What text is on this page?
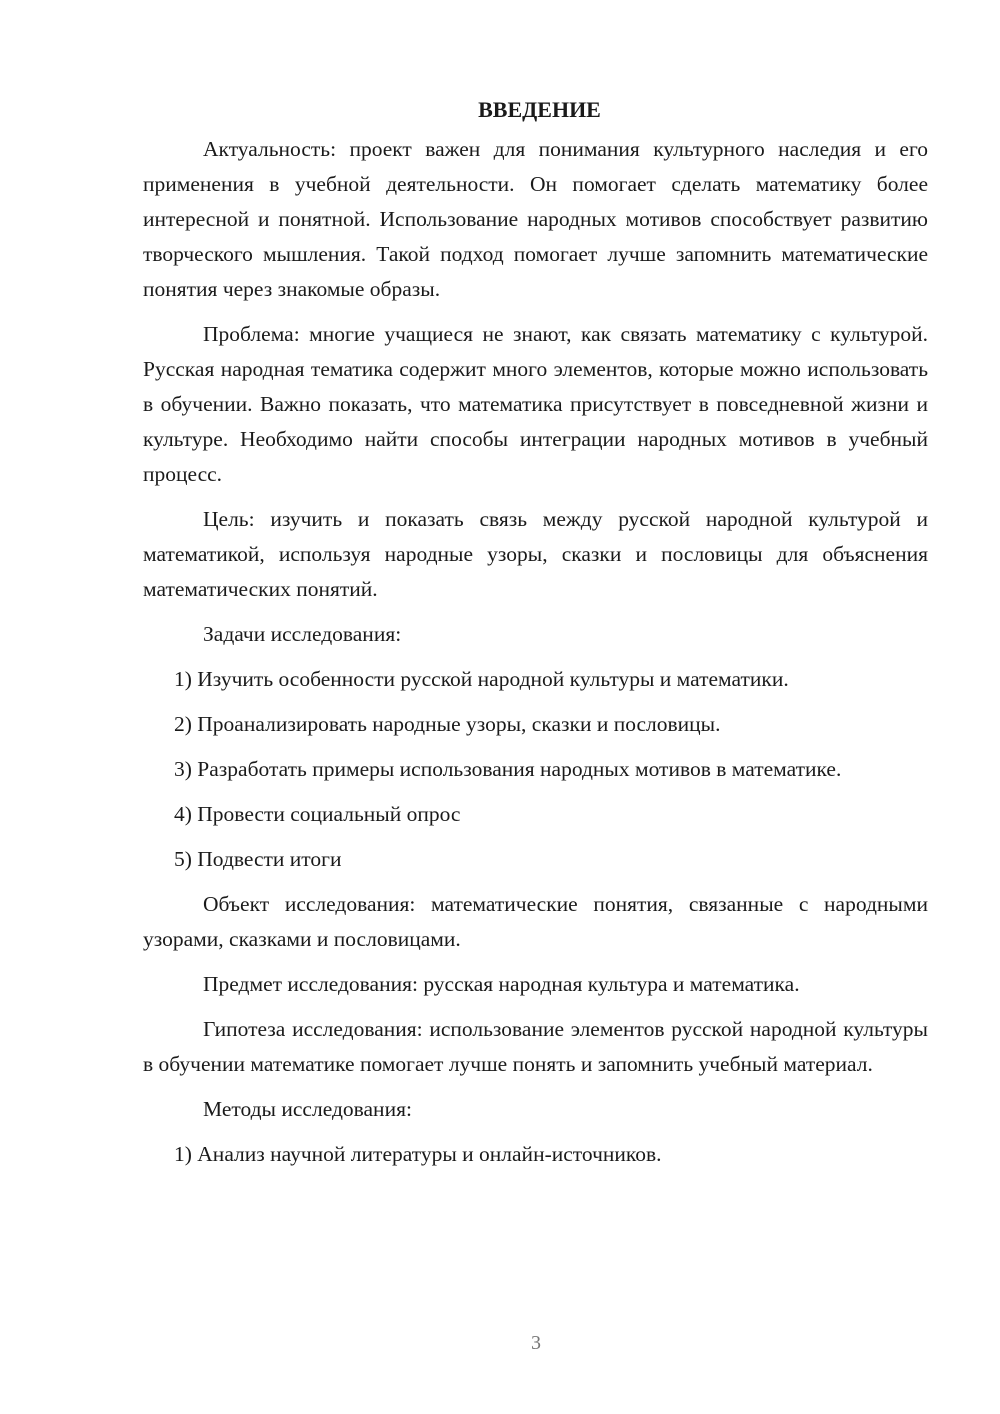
ВВЕДЕНИЕ

Актуальность: проект важен для понимания культурного наследия и его применения в учебной деятельности. Он помогает сделать математику более интересной и понятной. Использование народных мотивов способствует развитию творческого мышления. Такой подход помогает лучше запомнить математические понятия через знакомые образы.

Проблема: многие учащиеся не знают, как связать математику с культурой. Русская народная тематика содержит много элементов, которые можно использовать в обучении. Важно показать, что математика присутствует в повседневной жизни и культуре. Необходимо найти способы интеграции народных мотивов в учебный процесс.

Цель: изучить и показать связь между русской народной культурой и математикой, используя народные узоры, сказки и пословицы для объяснения математических понятий.

Задачи исследования:

1) Изучить особенности русской народной культуры и математики.

2) Проанализировать народные узоры, сказки и пословицы.

3) Разработать примеры использования народных мотивов в математике.

4) Провести социальный опрос

5) Подвести итоги

Объект исследования: математические понятия, связанные с народными узорами, сказками и пословицами.

Предмет исследования: русская народная культура и математика.

Гипотеза исследования: использование элементов русской народной культуры в обучении математике помогает лучше понять и запомнить учебный материал.

Методы исследования:

1) Анализ научной литературы и онлайн-источников.

3
